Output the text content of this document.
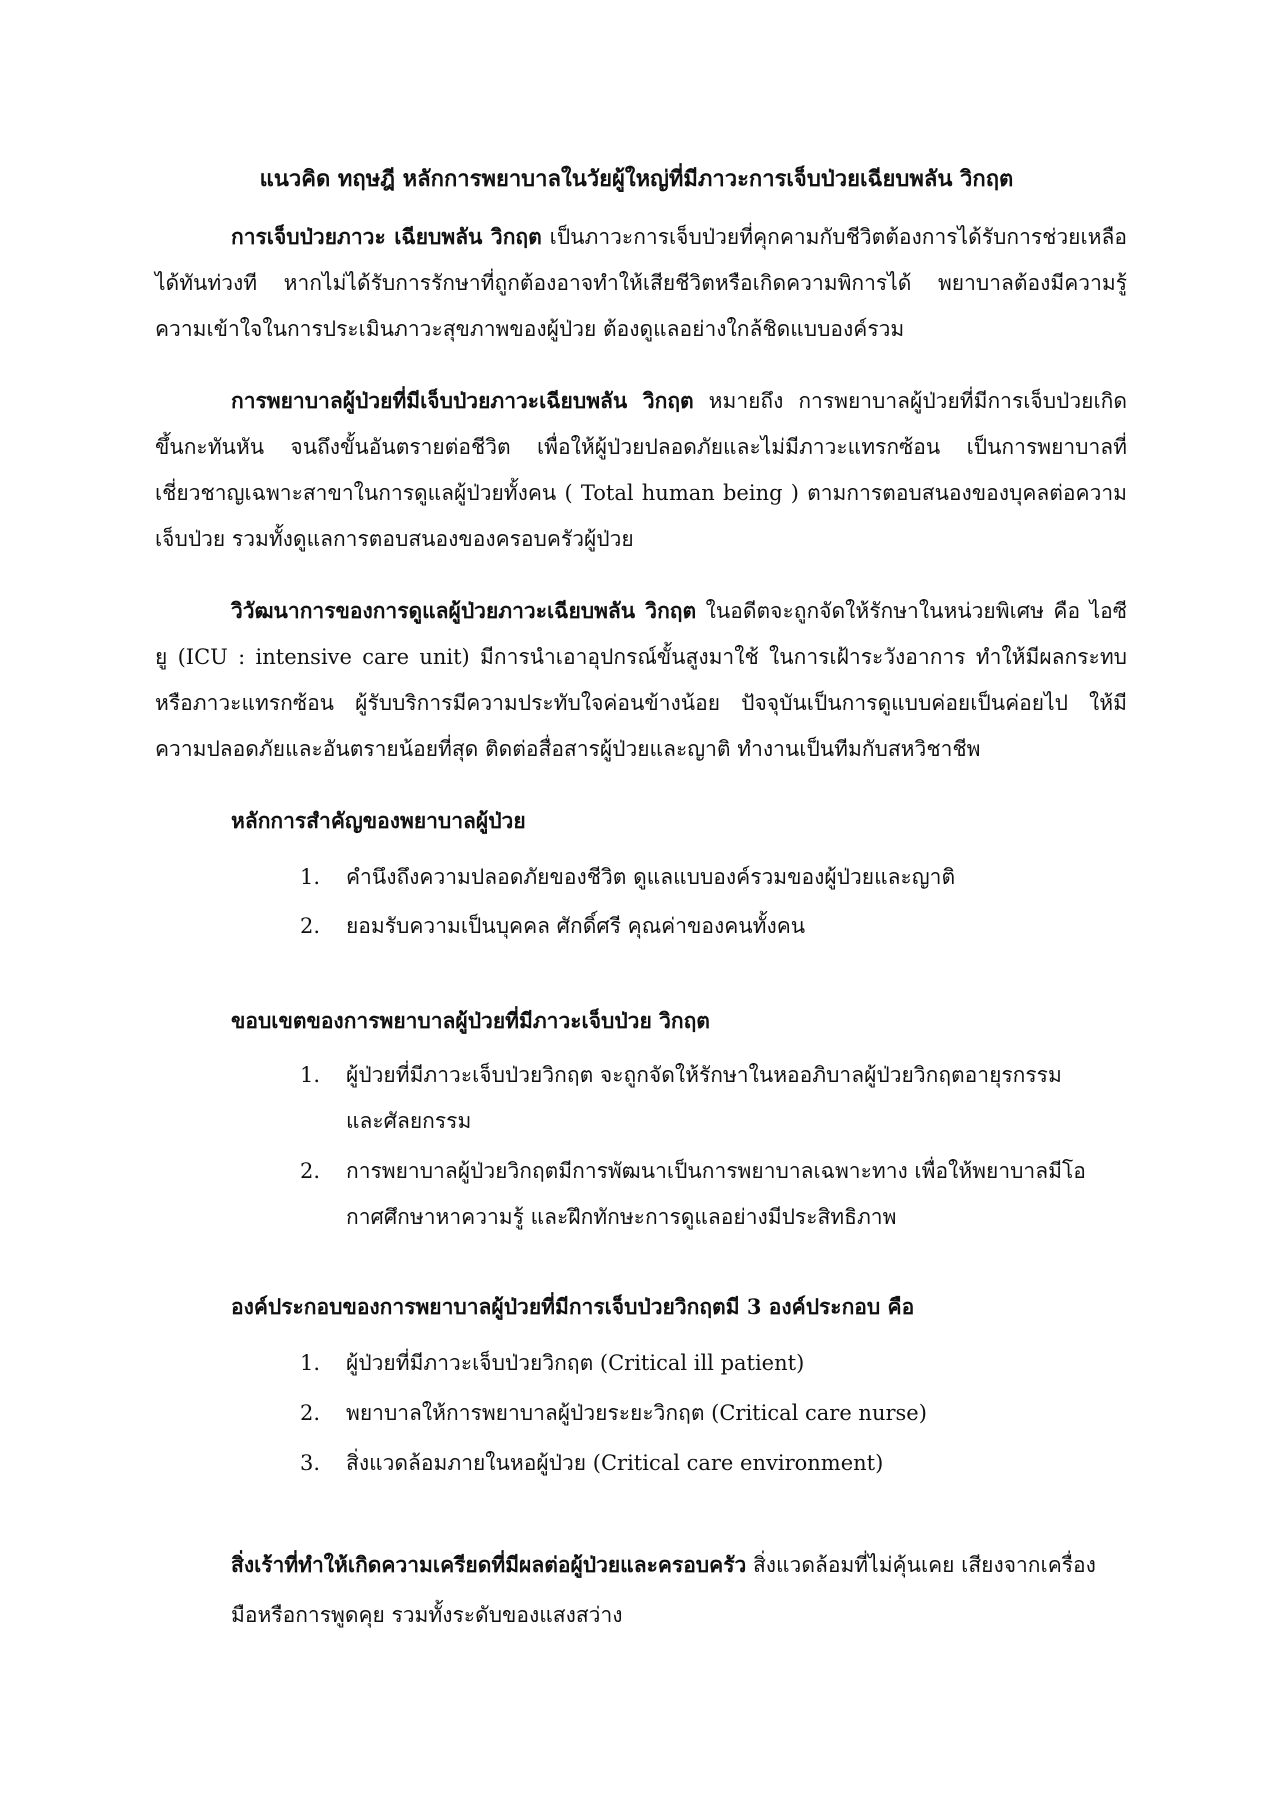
แนวคิด ทฤษฎี หลักการพยาบาลในวัยผู้ใหญ่ที่มีภาวะการเจ็บป่วยเฉียบพลัน วิกฤต

การเจ็บป่วยภาวะ เฉียบพลัน วิกฤต เป็นภาวะการเจ็บป่วยที่คุกคามกับชีวิตต้องการได้รับการช่วยเหลือได้ทันท่วงที หากไม่ได้รับการรักษาที่ถูกต้องอาจทำให้เสียชีวิตหรือเกิดความพิการได้ พยาบาลต้องมีความรู้ ความเข้าใจในการประเมินภาวะสุขภาพของผู้ป่วย ต้องดูแลอย่างใกล้ชิดแบบองค์รวม

การพยาบาลผู้ป่วยที่มีเจ็บป่วยภาวะเฉียบพลัน วิกฤต หมายถึง การพยาบาลผู้ป่วยที่มีการเจ็บป่วยเกิดขึ้นกะทันหัน จนถึงขั้นอันตรายต่อชีวิต เพื่อให้ผู้ป่วยปลอดภัยและไม่มีภาวะแทรกซ้อน เป็นการพยาบาลที่เชี่ยวชาญเฉพาะสาขาในการดูแลผู้ป่วยทั้งคน ( Total human being ) ตามการตอบสนองของบุคลต่อความเจ็บป่วย รวมทั้งดูแลการตอบสนองของครอบครัวผู้ป่วย

วิวัฒนาการของการดูแลผู้ป่วยภาวะเฉียบพลัน วิกฤต ในอดีตจะถูกจัดให้รักษาในหน่วยพิเศษ คือ ไอซียู (ICU : intensive care unit) มีการนำเอาอุปกรณ์ขั้นสูงมาใช้ ในการเฝ้าระวังอาการ ทำให้มีผลกระทบหรือภาวะแทรกซ้อน ผู้รับบริการมีความประทับใจค่อนข้างน้อย ปัจจุบันเป็นการดูแบบค่อยเป็นค่อยไป ให้มีความปลอดภัยและอันตรายน้อยที่สุด ติดต่อสื่อสารผู้ป่วยและญาติ ทำงานเป็นทีมกับสหวิชาชีพ

หลักการสำคัญของพยาบาลผู้ป่วย
1. คำนึงถึงความปลอดภัยของชีวิต ดูแลแบบองค์รวมของผู้ป่วยและญาติ
2. ยอมรับความเป็นบุคคล ศักดิ์ศรี คุณค่าของคนทั้งคน
ขอบเขตของการพยาบาลผู้ป่วยที่มีภาวะเจ็บป่วย วิกฤต
1. ผู้ป่วยที่มีภาวะเจ็บป่วยวิกฤต จะถูกจัดให้รักษาในหออภิบาลผู้ป่วยวิกฤตอายุรกรรมและศัลยกรรม
2. การพยาบาลผู้ป่วยวิกฤตมีการพัฒนาเป็นการพยาบาลเฉพาะทาง เพื่อให้พยาบาลมีโอกาศศึกษาหาความรู้ และฝึกทักษะการดูแลอย่างมีประสิทธิภาพ
องค์ประกอบของการพยาบาลผู้ป่วยที่มีการเจ็บป่วยวิกฤตมี 3 องค์ประกอบ คือ
1. ผู้ป่วยที่มีภาวะเจ็บป่วยวิกฤต (Critical ill patient)
2. พยาบาลให้การพยาบาลผู้ป่วยระยะวิกฤต (Critical care nurse)
3. สิ่งแวดล้อมภายในหอผู้ป่วย (Critical care environment)

สิ่งเร้าที่ทำให้เกิดความเครียดที่มีผลต่อผู้ป่วยและครอบครัว สิ่งแวดล้อมที่ไม่คุ้นเคย เสียงจากเครื่องมือหรือการพูดคุย รวมทั้งระดับของแสงสว่าง
